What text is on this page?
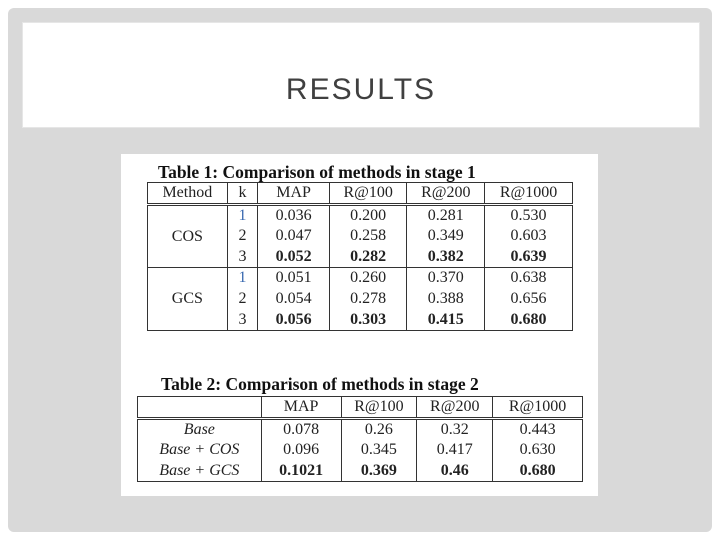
RESULTS
Table 1: Comparison of methods in stage 1
Method	k	MAP	R@100	R@200	R@1000
COS	1	0.036	0.200	0.281	0.530
	2	0.047	0.258	0.349	0.603
	3	0.052	0.282	0.382	0.639
GCS	1	0.051	0.260	0.370	0.638
	2	0.054	0.278	0.388	0.656
	3	0.056	0.303	0.415	0.680
Table 2: Comparison of methods in stage 2
	MAP	R@100	R@200	R@1000
Base	0.078	0.26	0.32	0.443
Base + COS	0.096	0.345	0.417	0.630
Base + GCS	0.1021	0.369	0.46	0.680
